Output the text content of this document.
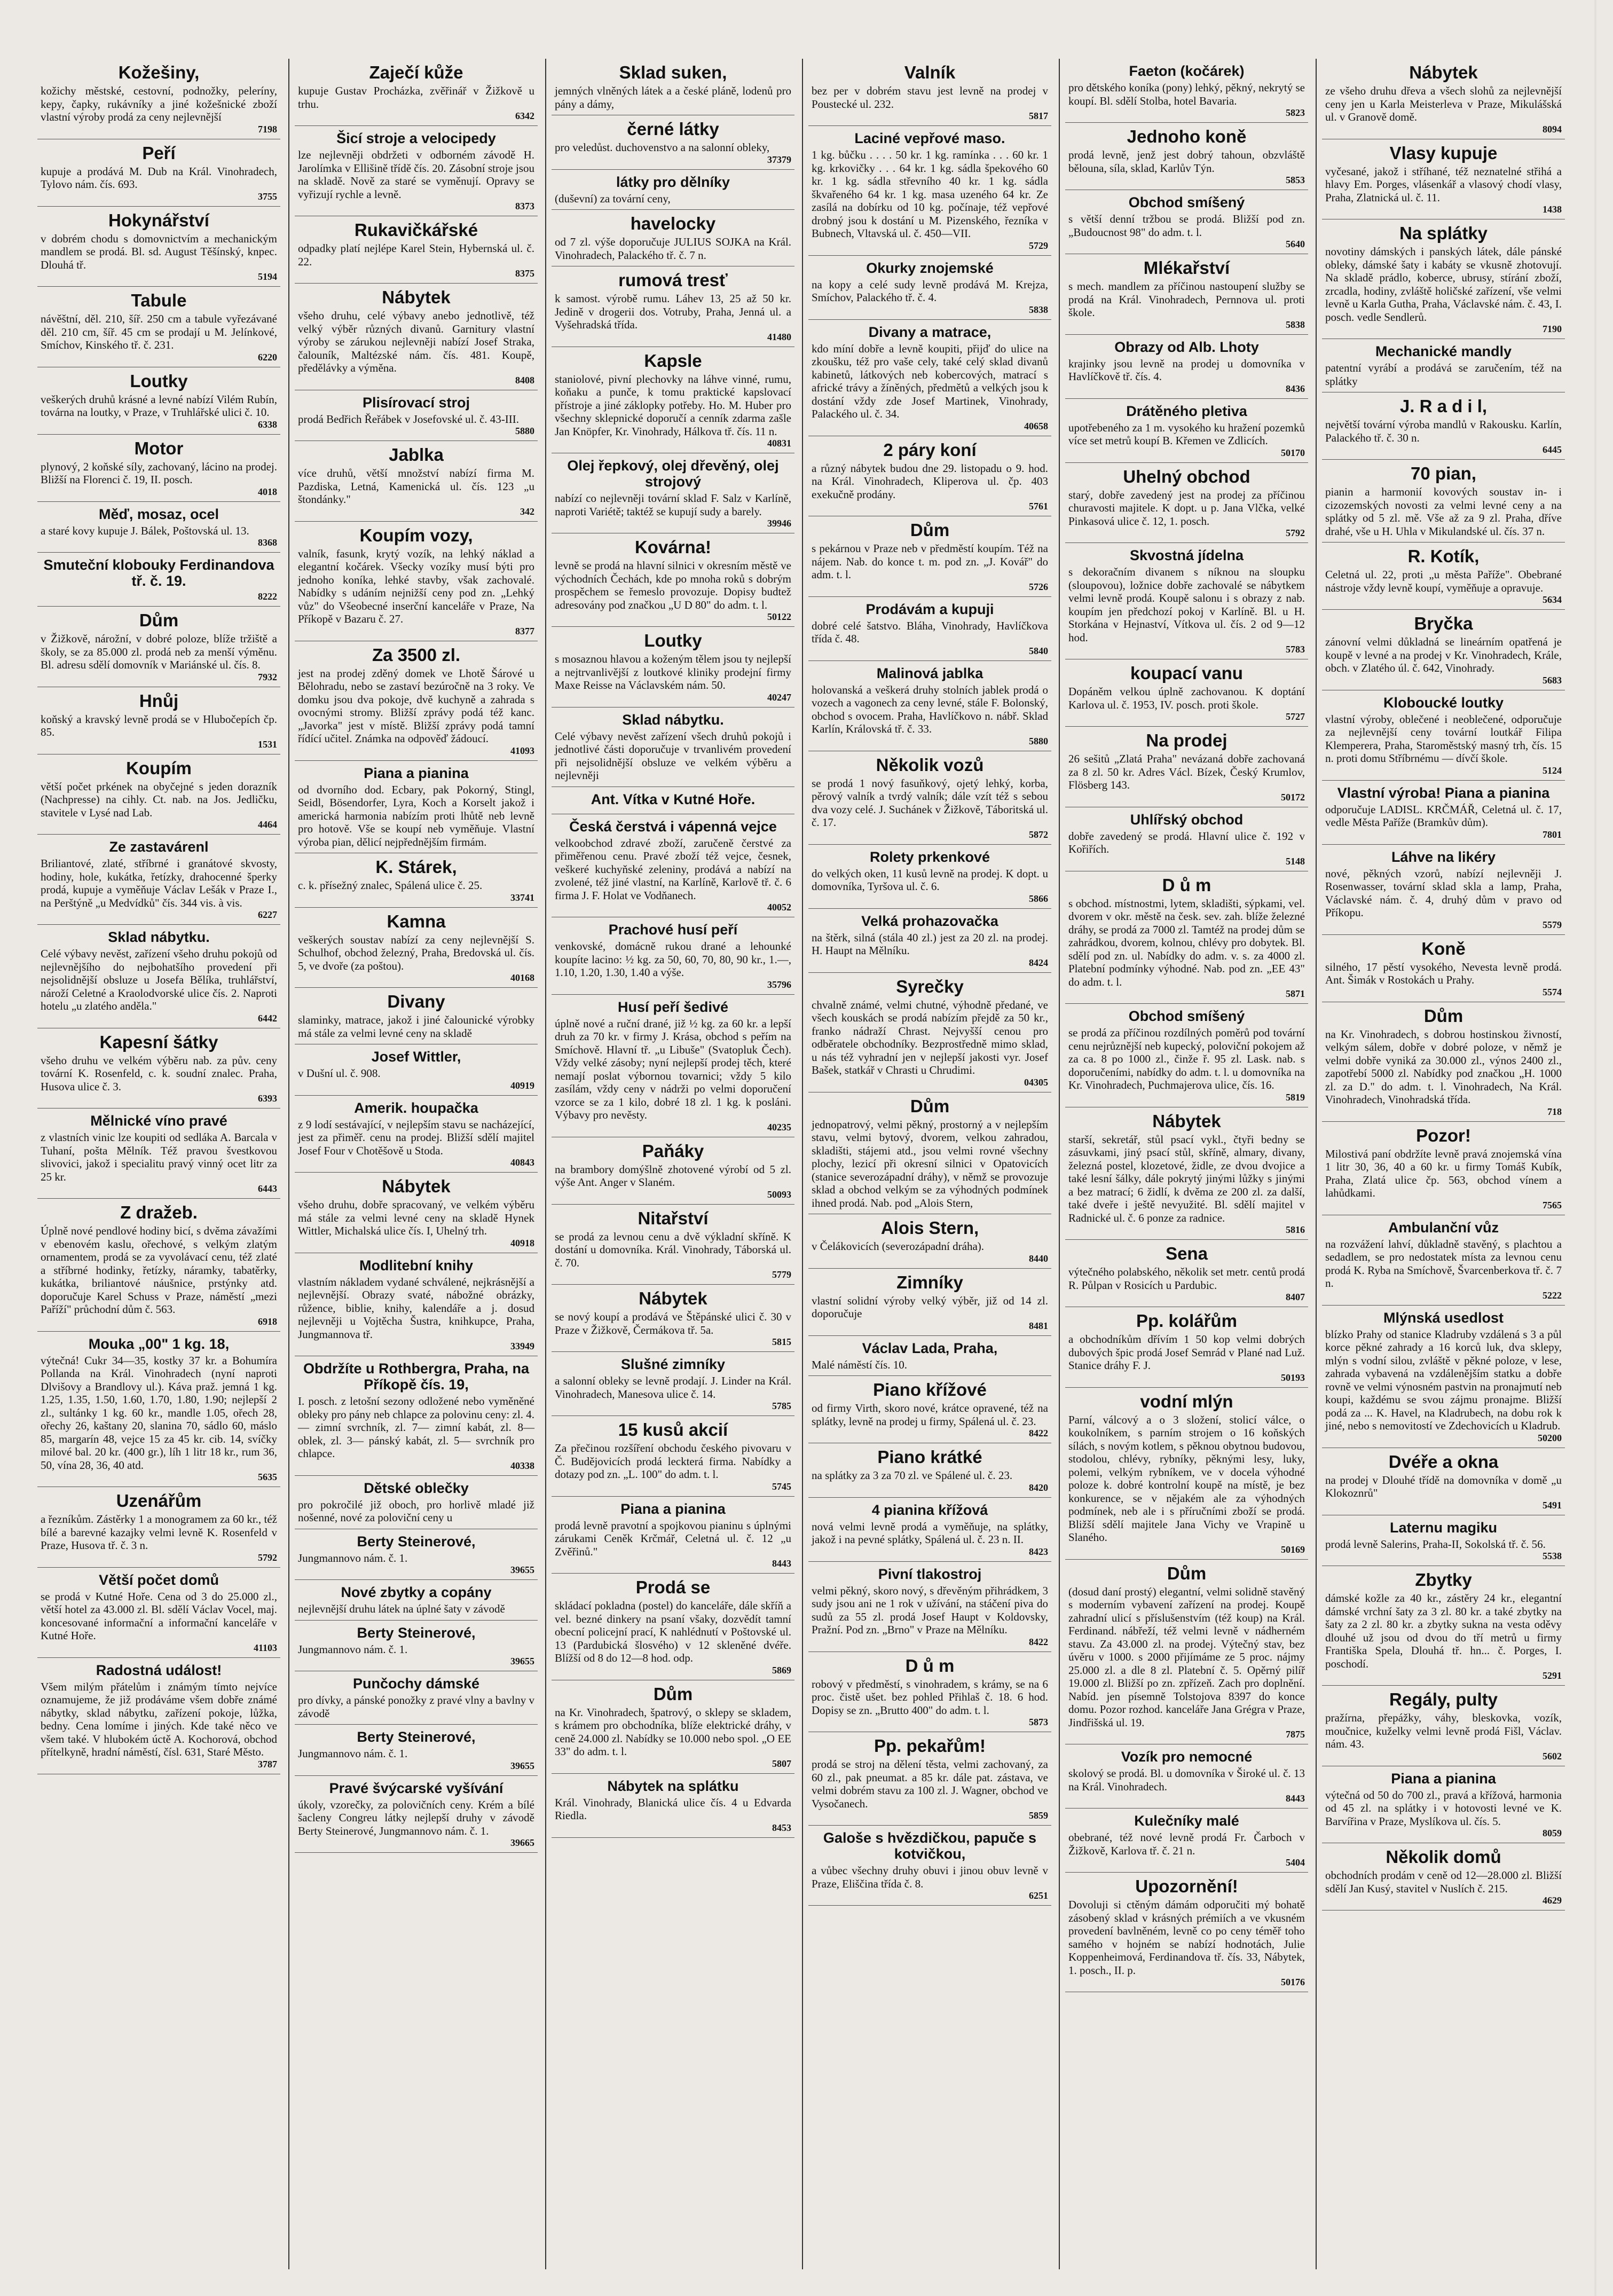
Kožešiny,
kožichy městské, cestovní, podnožky, peleríny, kepy, čapky, rukávníky a jiné kožešnické zboží vlastní výroby prodá za ceny nejlevnější
7198
Peří
kupuje a prodává M. Dub na Král. Vinohradech, Tylovo nám. čís. 693.
3755
Hokynářství
v dobrém chodu s domovnictvím a mechanickým mandlem se prodá. Bl. sd. August Těšínský, knpec. Dlouhá tř.
5194
Tabule
návěštní, děl. 210, šíř. 250 cm a tabule vyřezávané děl. 210 cm, šíř. 45 cm se prodají u M. Jelínkové, Smíchov, Kinského tř. č. 231.
6220
Loutky
veškerých druhů krásné a levné nabízí Vilém Rubín, továrna na loutky, v Praze, v Truhlářské ulici č. 10.
6338
Motor
plynový, 2 koňské síly, zachovaný, lácino na prodej. Bližší na Florenci č. 19, II. posch.
4018
Měď, mosaz, ocel
a staré kovy kupuje J. Bálek, Poštovská ul. 13.
8368
Smuteční klobouky Ferdinandova tř. č. 19.
8222
Dům
v Žižkově, nárožní, v dobré poloze, blíže tržiště a školy, se za 85.000 zl. prodá neb za menší výměnu. Bl. adresu sdělí domovník v Mariánské ul. čís. 8.
7932
Hnůj
koňský a kravský levně prodá se v Hlubočepích čp. 85.
1531
Koupím
větší počet prkének na obyčejné s jeden dorazník (Nachpresse) na cihly. Ct. nab. na Jos. Jedličku, stavitele v Lysé nad Lab.
4464
Ze zastavárenl
Briliantové, zlaté, stříbrné i granátové skvosty, hodiny, hole, kukátka, řetízky, drahocenné šperky prodá, kupuje a vyměňuje Václav Lešák v Praze I., na Perštýně „u Medvídků" čís. 344 vis. à vis.
6227
Sklad nábytku.
Celé výbavy nevěst, zařízení všeho druhu pokojů od nejlevnějšího do nejbohatšího provedení při nejsolidnější obsluze u Josefa Bělíka, truhlářství, nároží Celetné a Kraolodvorské ulice čís. 2. Naproti hotelu „u zlatého anděla."
6442
Kapesní šátky
všeho druhu ve velkém výběru nab. za pův. ceny tovární K. Rosenfeld, c. k. soudní znalec. Praha, Husova ulice č. 3.
6393
Mělnické víno pravé
z vlastních vinic lze koupiti od sedláka A. Barcala v Tuhaní, pošta Mělník. Též pravou švestkovou slivovici, jakož i specialitu pravý vinný ocet litr za 25 kr.
6443
Z dražeb.
Úplně nové pendlové hodiny bicí, s dvěma závažími v ebenovém kaslu, ořechové, s velkým zlatým ornamentem, prodá se za vyvolávací cenu, též zlaté a stříbrné hodinky, řetízky, náramky, tabatěrky, kukátka, briliantové náušnice, prstýnky atd. doporučuje Karel Schuss v Praze, náměstí „mezi Paříží" průchodní dům č. 563.
6918
Mouka „00" 1 kg. 18,
výtečná! Cukr 34—35, kostky 37 kr. a Bohumíra Pollanda na Král. Vinohradech (nyní naproti Dlvišovy a Brandlovy ul.). Káva praž. jemná 1 kg. 1.25, 1.35, 1.50, 1.60, 1.70, 1.80, 1.90; nejlepší 2 zl., sultánky 1 kg. 60 kr., mandle 1.05, ořech 28, ořechy 26, kaštany 20, slanina 70, sádlo 60, máslo 85, margarín 48, vejce 15 za 45 kr. cib. 14, svíčky milové bal. 20 kr. (400 gr.), líh 1 litr 18 kr., rum 36, 50, vína 28, 36, 40 atd.
5635
Uzenářům
a řezníkům. Zástěrky 1 a monogramem za 60 kr., též bílé a barevné kazajky velmi levně K. Rosenfeld v Praze, Husova tř. č. 3 n.
5792
Větší počet domů
se prodá v Kutné Hoře. Cena od 3 do 25.000 zl., větší hotel za 43.000 zl. Bl. sdělí Václav Vocel, maj. koncesované informační a informační kanceláře v Kutné Hoře.
41103
Radostná událost!
Všem milým přátelům i známým tímto nejvíce oznamujeme, že již prodáváme všem dobře známé nábytky, sklad nábytku, zařízení pokoje, lůžka, bedny. Cena lomíme i jiných. Kde také něco ve všem také. V hlubokém úctě A. Kochorová, obchod přítelkyně, hradní náměstí, čísl. 631, Staré Město.
3787
Zaječí kůže
kupuje Gustav Procházka, zvěřinář v Žižkově u trhu.
6342
Šicí stroje a velocipedy
lze nejlevněji obdržeti v odborném závodě H. Jarolímka v Ellišině třídě čís. 20. Zásobní stroje jsou na skladě. Nově za staré se vyměnují. Opravy se vyřizují rychle a levně.
8373
Rukavičkářské
odpadky platí nejlépe Karel Stein, Hybernská ul. č. 22.
8375
Nábytek
všeho druhu, celé výbavy anebo jednotlivě, též velký výběr různých divanů. Garnitury vlastní výroby se zárukou nejlevněji nabízí Josef Straka, čalouník, Maltézské nám. čís. 481. Koupě, předělávky a výměna.
8408
Plisírovací stroj
prodá Bedřich Řeřábek v Josefovské ul. č. 43-III.
5880
Jablka
více druhů, větší množství nabízí firma M. Pazdiska, Letná, Kamenická ul. čís. 123 „u štondánky."
342
Koupím vozy,
valník, fasunk, krytý vozík, na lehký náklad a elegantní kočárek. Všecky vozíky musí býti pro jednoho koníka, lehké stavby, však zachovalé. Nabídky s udáním nejnižší ceny pod zn. „Lehký vůz" do Všeobecné inserční kanceláře v Praze, Na Příkopě v Bazaru č. 27.
8377
Za 3500 zl.
jest na prodej zděný domek ve Lhotě Šárové u Bělohradu, nebo se zastaví bezúročně na 3 roky. Ve domku jsou dva pokoje, dvě kuchyně a zahrada s ovocnými stromy. Bližší zprávy podá též kanc. „Javorka" jest v místě. Bližší zprávy podá tamní řídící učitel. Známka na odpověď žádoucí.
41093
Piana a pianina
od dvorního dod. Ecbary, pak Pokorný, Stingl, Seidl, Bösendorfer, Lyra, Koch a Korselt jakož i americká harmonia nabízím proti lhůtě neb levně pro hotově. Vše se koupí neb vyměňuje. Vlastní výroba pian, dělicí nejpřednějším firmám.
K. Stárek,
c. k. přísežný znalec, Spálená ulice č. 25.
33741
Kamna
veškerých soustav nabízí za ceny nejlevnější S. Schulhof, obchod železný, Praha, Bredovská ul. čís. 5, ve dvoře (za poštou).
40168
Divany
slaminky, matrace, jakož i jiné čalounické výrobky má stále za velmi levné ceny na skladě
Josef Wittler,
v Dušní ul. č. 908.
40919
Amerik. houpačka
z 9 lodí sestávající, v nejlepším stavu se nacházející, jest za přiměř. cenu na prodej. Bližší sdělí majitel Josef Four v Chotěšově u Stoda.
40843
Nábytek
všeho druhu, dobře spracovaný, ve velkém výběru má stále za velmi levné ceny na skladě Hynek Wittler, Michalská ulice čís. I, Uhelný trh.
40918
Modlitební knihy
vlastním nákladem vydané schválené, nejkrásnější a nejlevnější. Obrazy svaté, nábožné obrázky, růžence, biblie, knihy, kalendáře a j. dosud nejlevněji u Vojtěcha Šustra, knihkupce, Praha, Jungmannova tř.
33949
Obdržíte u Rothbergra, Praha, na Příkopě čís. 19,
I. posch. z letošní sezony odložené nebo vyměněné obleky pro pány neb chlapce za polovinu ceny: zl. 4.— zimní svrchník, zl. 7— zimní kabát, zl. 8— oblek, zl. 3— pánský kabát, zl. 5— svrchník pro chlapce.
40338
Dětské oblečky
pro pokročilé již oboch, pro horlivě mladé již nošenné, nové za poloviční ceny u
Berty Steinerové,
Jungmannovo nám. č. 1.
39655
Nové zbytky a copány
nejlevnější druhu látek na úplné šaty v závodě
Berty Steinerové,
Jungmannovo nám. č. 1.
39655
Punčochy dámské
pro dívky, a pánské ponožky z pravé vlny a bavlny v závodě
Berty Steinerové,
Jungmannovo nám. č. 1.
39655
Pravé švýcarské vyšívání
úkoly, vzorečky, za polovičních ceny. Krém a bílé šacleny Congreu látky nejlepší druhy v závodě Berty Steinerové, Jungmannovo nám. č. 1.
39665
Sklad suken,
jemných vlněných látek a a české pláně, lodenů pro pány a dámy,
černé látky
pro veledůst. duchovenstvo a na salonní obleky,
37379
látky pro dělníky
(duševní) za tovární ceny,
havelocky
od 7 zl. výše doporučuje JULIUS SOJKA na Král. Vinohradech, Palackého tř. č. 7 n.
rumová tresť
k samost. výrobě rumu. Láhev 13, 25 až 50 kr. Jedině v drogerii dos. Votruby, Praha, Jenná ul. a Vyšehradská třída.
41480
Kapsle
staniolové, pivní plechovky na láhve vinné, rumu, koňaku a punče, k tomu praktické kapslovací přístroje a jiné záklopky potřeby. Ho. M. Huber pro všechny sklepnické doporučí a cenník zdarma zašle Jan Knöpfer, Kr. Vinohrady, Hálkova tř. čís. 11 n.
40831
Olej řepkový, olej dřevěný, olej strojový
nabízí co nejlevněji tovární sklad F. Salz v Karlíně, naproti Variétě; taktéž se kupují sudy a barely.
39946
Kovárna!
levně se prodá na hlavní silnici v okresním městě ve východních Čechách, kde po mnoha roků s dobrým prospěchem se řemeslo provozuje. Dopisy budtež adresovány pod značkou „U D 80" do adm. t. l.
50122
Loutky
s mosaznou hlavou a koženým tělem jsou ty nejlepší a nejtrvanlivější z loutkové kliniky prodejní firmy Maxe Reisse na Václavském nám. 50.
40247
Sklad nábytku.
Celé výbavy nevěst zařízení všech druhů pokojů i jednotlivé části doporučuje v trvanlivém provedení při nejsolidnější obsluze ve velkém výběru a nejlevněji
Ant. Vítka v Kutné Hoře.
Česká čerstvá i vápenná vejce
velkoobchod zdravé zboží, zaručeně čerstvé za přiměřenou cenu. Pravé zboží též vejce, česnek, veškeré kuchyňské zeleniny, prodává a nabízí na zvolené, též jiné vlastní, na Karlíně, Karlově tř. č. 6 firma J. F. Holat ve Vodňanech.
40052
Prachové husí peří
venkovské, domácně rukou drané a lehounké koupíte lacino: ½ kg. za 50, 60, 70, 80, 90 kr., 1.—, 1.10, 1.20, 1.30, 1.40 a výše.
35796
Husí peří šedivé
úplně nové a ruční drané, již ½ kg. za 60 kr. a lepší druh za 70 kr. v firmy J. Krása, obchod s peřím na Smíchově. Hlavní tř. „u Libuše" (Svatopluk Čech). Vždy velké zásoby; nyní nejlepší prodej těch, které nemají poslat výbornou tovarnici; vždy 5 kilo zasílám, vždy ceny v nádrži po velmi doporučení vzorce se za 1 kilo, dobré 18 zl. 1 kg. k posláni. Výbavy pro nevěsty.
40235
Paňáky
na brambory domýšlně zhotovené výrobí od 5 zl. výše Ant. Anger v Slaném.
50093
Nitařství
se prodá za levnou cenu a dvě výkladní skříně. K dostání u domovníka. Král. Vinohrady, Táborská ul. č. 70.
5779
Nábytek
se nový koupí a prodává ve Štěpánské ulici č. 30 v Praze v Žižkově, Čermákova tř. 5a.
5815
Slušné zimníky
a salonní obleky se levně prodají. J. Linder na Král. Vinohradech, Manesova ulice č. 14.
5785
15 kusů akcií
Za přečinou rozšíření obchodu českého pivovaru v Č. Budějovicích prodá leckterá firma. Nabídky a dotazy pod zn. „L. 100" do adm. t. l.
5745
Piana a pianina
prodá levně pravotní a spojkovou pianinu s úplnými zárukami Ceněk Krčmář, Celetná ul. č. 12 „u Zvěřinů."
8443
Prodá se
skládací pokladna (postel) do kanceláře, dále skříň a vel. bezné dinkery na psaní všaky, dozvědít tamní obecní policejní prací, K nahlédnutí v Poštovské ul. 13 (Pardubická šlosvého) v 12 skleněné dvéře. Blížší od 8 do 12—8 hod. odp.
5869
Dům
na Kr. Vinohradech, špatrový, o sklepy se skladem, s krámem pro obchodníka, blíže elektrické dráhy, v ceně 24.000 zl. Nabídky se 10.000 nebo spol. „O EE 33" do adm. t. l.
5807
Nábytek na splátku
Král. Vinohrady, Blanická ulice čís. 4 u Edvarda Riedla.
8453
Valník
bez per v dobrém stavu jest levně na prodej v Poustecké ul. 232.
5817
Laciné vepřové maso.
1 kg. bůčku . . . . 50 kr. 1 kg. ramínka . . . 60 kr. 1 kg. krkovičky . . . 64 kr. 1 kg. sádla špekového 60 kr. 1 kg. sádla střevního 40 kr. 1 kg. sádla škvařeného 64 kr. 1 kg. masa uzeného 64 kr. Ze zasílá na dobírku od 10 kg. počínaje, též vepřové drobný jsou k dostání u M. Pizenského, řezníka v Bubnech, Vltavská ul. č. 450—VII.
5729
Okurky znojemské
na kopy a celé sudy levně prodává M. Krejza, Smíchov, Palackého tř. č. 4.
5838
Divany a matrace,
kdo míní dobře a levně koupiti, přijď do ulice na zkoušku, též pro vaše cely, také celý sklad divanů kabinetů, látkových neb kobercových, matrací s africké trávy a žíněných, předmětů a velkých jsou k dostání vždy zde Josef Martinek, Vinohrady, Palackého ul. č. 34.
40658
2 páry koní
a různý nábytek budou dne 29. listopadu o 9. hod. na Král. Vinohradech, Kliperova ul. čp. 403 exekučně prodány.
5761
Dům
s pekárnou v Praze neb v předměstí koupím. Též na nájem. Nab. do konce t. m. pod zn. „J. Kovář" do adm. t. l.
5726
Prodávám a kupuji
dobré celé šatstvo. Bláha, Vinohrady, Havlíčkova třída č. 48.
5840
Malinová jablka
holovanská a veškerá druhy stolních jablek prodá o vozech a vagonech za ceny levné, stále F. Bolonský, obchod s ovocem. Praha, Havlíčkovo n. nábř. Sklad Karlín, Královská tř. č. 33.
5880
Několik vozů
se prodá 1 nový fasuňkový, ojetý lehký, korba, pěrový valník a tvrdý valník; dále vzít též s sebou dva vozy celé. J. Suchánek v Žižkově, Táboritská ul. č. 17.
5872
Rolety prkenkové
do velkých oken, 11 kusů levně na prodej. K dopt. u domovníka, Tyršova ul. č. 6.
5866
Velká prohazovačka
na štěrk, silná (stála 40 zl.) jest za 20 zl. na prodej. H. Haupt na Mělníku.
8424
Syrečky
chvalně známé, velmi chutné, výhodně předané, ve všech kouskách se prodá nabízím přejdě za 50 kr., franko nádraží Chrast. Nejvyšší cenou pro odběratele obchodníky. Bezprostředně mimo sklad, u nás též vyhradní jen v nejlepší jakosti vyr. Josef Bašek, statkář v Chrasti u Chrudimi.
04305
Dům
jednopatrový, velmi pěkný, prostorný a v nejlepším stavu, velmi bytový, dvorem, velkou zahradou, skladišti, stájemi atd., jsou velmi rovné všechny plochy, lezicí při okresní silnici v Opatovicích (stanice severozápadní dráhy), v němž se provozuje sklad a obchod velkým se za výhodných podmínek ihned prodá. Nab. pod „Alois Stern,
Alois Stern,
v Čelákovicích (severozápadní dráha).
8440
Zimníky
vlastní solidní výroby velký výběr, již od 14 zl. doporučuje
8481
Václav Lada, Praha,
Malé náměstí čís. 10.
Piano křížové
od firmy Virth, skoro nové, krátce opravené, též na splátky, levně na prodej u firmy, Spálená ul. č. 23.
8422
Piano krátké
na splátky za 3 za 70 zl. ve Spálené ul. č. 23.
8420
4 pianina křížová
nová velmi levně prodá a vyměňuje, na splátky, jakož i na pevné splátky, Spálená ul. č. 23 n. II.
8423
Pivní tlakostroj
velmi pěkný, skoro nový, s dřevěným přihrádkem, 3 sudy jsou ani ne 1 rok v užívání, na stáčení piva do sudů za 55 zl. prodá Josef Haupt v Koldovsky, Pražní. Pod zn. „Brno" v Praze na Mělníku.
8422
D ů m
robový v předměstí, s vinohradem, s krámy, se na 6 proc. čistě ušet. bez pohled Přihlaš č. 18. 6 hod. Dopisy se zn. „Brutto 400" do adm. t. l.
5873
Pp. pekařům!
prodá se stroj na dělení těsta, velmi zachovaný, za 60 zl., pak pneumat. a 85 kr. dále pat. zástava, ve velmi dobrém stavu za 100 zl. J. Wagner, obchod ve Vysočanech.
5859
Galoše s hvězdičkou, papuče s kotvičkou,
a vůbec všechny druhy obuvi i jinou obuv levně v Praze, Eliščina třída č. 8.
6251
Faeton (kočárek)
pro dětského koníka (pony) lehký, pěkný, nekrytý se koupí. Bl. sdělí Stolba, hotel Bavaria.
5823
Jednoho koně
prodá levně, jenž jest dobrý tahoun, obzvláště bělouna, síla, sklad, Karlův Týn.
5853
Obchod smíšený
s větší denní tržbou se prodá. Bližší pod zn. „Budoucnost 98" do adm. t. l.
5640
Mlékařství
s mech. mandlem za příčinou nastoupení služby se prodá na Král. Vinohradech, Pernnova ul. proti škole.
5838
Obrazy od Alb. Lhoty
krajinky jsou levně na prodej u domovníka v Havlíčkově tř. čís. 4.
8436
Drátěného pletiva
upotřebeného za 1 m. vysokého ku hražení pozemků více set metrů koupí B. Křemen ve Zdlicích.
50170
Uhelný obchod
starý, dobře zavedený jest na prodej za příčinou churavosti majitele. K dopt. u p. Jana Vlčka, velké Pinkasová ulice č. 12, 1. posch.
5792
Skvostná jídelna
s dekoračním divanem s níknou na sloupku (sloupovou), ložnice dobře zachovalé se nábytkem velmi levně prodá. Koupě salonu i s obrazy z nab. koupím jen předchozí pokoj v Karlíně. Bl. u H. Storkána v Hejnaství, Vítkova ul. čís. 2 od 9—12 hod.
5783
koupací vanu
Dopáněm velkou úplně zachovanou. K doptání Karlova ul. č. 1953, IV. posch. proti škole.
5727
Na prodej
26 sešitů „Zlatá Praha" nevázaná dobře zachovaná za 8 zl. 50 kr. Adres Václ. Bízek, Český Krumlov, Flösberg 143.
50172
Uhlířský obchod
dobře zavedený se prodá. Hlavní ulice č. 192 v Kořiřích.
5148
D ů m
s obchod. místnostmi, lytem, skladišti, sýpkami, vel. dvorem v okr. městě na česk. sev. zah. blíže železné dráhy, se prodá za 7000 zl. Tamtéž na prodej dům se zahrádkou, dvorem, kolnou, chlévy pro dobytek. Bl. sdělí pod zn. ul. Nabídky do adm. v. s. za 4000 zl. Platební podmínky výhodné. Nab. pod zn. „EE 43" do adm. t. l.
5871
Obchod smíšený
se prodá za příčinou rozdílných poměrů pod tovární cenu nejrůznější neb kupecký, poloviční pokojem až za ca. 8 po 1000 zl., činže ř. 95 zl. Lask. nab. s doporučeními, nabídky do adm. t. l. u domovníka na Kr. Vinohradech, Puchmajerova ulice, čís. 16.
5819
Nábytek
starší, sekretář, stůl psací vykl., čtyři bedny se zásuvkami, jiný psací stůl, skříně, almary, divany, železná postel, klozetové, židle, ze dvou dvojice a také lesní šálky, dále pokrytý jinými lůžky s jinými a bez matrací; 6 židlí, k dvěma ze 200 zl. za další, také dveře i ještě nevyužité. Bl. sdělí majitel v Radnické ul. č. 6 ponze za radnice.
5816
Sena
výtečného polabského, několik set metr. centů prodá R. Půlpan v Rosicích u Pardubic.
8407
Pp. kolářům
a obchodníkům dřívím 1 50 kop velmi dobrých dubových špic prodá Josef Semrád v Plané nad Luž. Stanice dráhy F. J.
50193
vodní mlýn
Parní, válcový a o 3 složení, stolicí válce, o koukolníkem, s parním strojem o 16 koňských sílách, s novým kotlem, s pěknou obytnou budovou, stodolou, chlévy, rybníky, pěknými lesy, luky, polemi, velkým rybníkem, ve v docela výhodné poloze k. dobré kontrolní koupě na místě, je bez konkurence, se v nějakém ale za výhodných podmínek, neb ale i s příručními zboží se prodá. Bližší sdělí majitele Jana Vichy ve Vrapině u Slaného.
50169
Dům
(dosud daní prostý) elegantní, velmi solidně stavěný s moderním vybavení zařízení na prodej. Koupě zahradní ulicí s příslušenstvím (též koup) na Král. Ferdinand. nábřeží, též velmi levně v nádherném stavu. Za 43.000 zl. na prodej. Výtečný stav, bez úvěru v 1000. s 2000 přijímáme ze 5 proc. nájmy 25.000 zl. a dle 8 zl. Platební č. 5. Opěrný pilíř 19.000 zl. Bližší po zn. zpřízeň. Zach pro doplnění. Nabíd. jen písemně Tolstojova 8397 do konce domu. Pozor rozhod. kanceláře Jana Grégra v Praze, Jindřišská ul. 19.
7875
Vozík pro nemocné
skolový se prodá. Bl. u domovníka v Široké ul. č. 13 na Král. Vinohradech.
8443
Kulečníky malé
obebrané, též nové levně prodá Fr. Čarboch v Žižkově, Karlova tř. č. 21 n.
5404
Upozornění!
Dovoluji si ctěným dámám odporučiti mý bohatě zásobený sklad v krásných prémiích a ve vkusném provedení bavlněném, levně co po ceny téměř toho samého v hojném se nabízí hodnotách, Julie Koppenheimová, Ferdinandova tř. čís. 33, Nábytek, 1. posch., II. p.
50176
Nábytek
ze všeho druhu dřeva a všech slohů za nejlevnější ceny jen u Karla Meisterleva v Praze, Mikulášská ul. v Granově domě.
8094
Vlasy kupuje
vyčesané, jakož i stříhané, též neznatelné střihá a hlavy Em. Porges, vlásenkář a vlasový chodí vlasy, Praha, Zlatnická ul. č. 11.
1438
Na splátky
novotiny dámských i panských látek, dále pánské obleky, dámské šaty i kabáty se vkusně zhotovují. Na skladě prádlo, koberce, ubrusy, stírání zboží, zrcadla, hodiny, zvláště holičské zařízení, vše velmi levně u Karla Gutha, Praha, Václavské nám. č. 43, I. posch. vedle Sendlerů.
7190
Mechanické mandly
patentní vyrábí a prodává se zaručením, též na splátky
J. R a d i l,
největší tovární výroba mandlů v Rakousku. Karlín, Palackého tř. č. 30 n.
6445
70 pian,
pianin a harmonií kovových soustav in- i cizozemských novosti za velmi levné ceny a na splátky od 5 zl. mě. Vše až za 9 zl. Praha, dříve drahé, vše u H. Uhla v Mikulandské ul. čís. 37 n.
R. Kotík,
Celetná ul. 22, proti „u města Paříže". Obebrané nástroje vždy levně koupí, vyměňuje a opravuje.
5634
Bryčka
zánovní velmi důkladná se lineárním opatřená je koupě v levné a na prodej v Kr. Vinohradech, Krále, obch. v Zlatého úl. č. 642, Vinohrady.
5683
Kloboucké loutky
vlastní výroby, oblečené i neoblečené, odporučuje za nejlevnější ceny tovární loutkář Filipa Klemperera, Praha, Staroměstský masný trh, čís. 15 n. proti domu Stříbrnému — dívčí škole.
5124
Vlastní výroba! Piana a pianina
odporučuje LADISL. KRČMÁŘ, Celetná ul. č. 17, vedle Města Paříže (Bramkův dům).
7801
Láhve na likéry
nové, pěkných vzorů, nabízí nejlevněji J. Rosenwasser, tovární sklad skla a lamp, Praha, Václavské nám. č. 4, druhý dům v pravo od Příkopu.
5579
Koně
silného, 17 pěstí vysokého, Nevesta levně prodá. Ant. Šimák v Rostokách u Prahy.
5574
Dům
na Kr. Vinohradech, s dobrou hostinskou živností, velkým sálem, dobře v dobré poloze, v němž je velmi dobře vyniká za 30.000 zl., výnos 2400 zl., zapotřebí 5000 zl. Nabídky pod značkou „H. 1000 zl. za D." do adm. t. l. Vinohradech, Na Král. Vinohradech, Vinohradská třída.
718
Pozor!
Milostivá paní obdržíte levně pravá znojemská vína 1 litr 30, 36, 40 a 60 kr. u firmy Tomáš Kubík, Praha, Zlatá ulice čp. 563, obchod vínem a lahůdkami.
7565
Ambulanční vůz
na rozvážení lahví, důkladně stavěný, s plachtou a sedadlem, se pro nedostatek místa za levnou cenu prodá K. Ryba na Smíchově, Švarcenberkova tř. č. 7 n.
5222
Mlýnská usedlost
blízko Prahy od stanice Kladruby vzdálená s 3 a půl korce pěkné zahrady a 16 korců luk, dva sklepy, mlýn s vodní silou, zvláště v pěkné poloze, v lese, zahrada vybavená na vzdálenějším statku a dobře rovně ve velmi výnosném pastvin na pronajmutí neb koupi, každému se svou zájmu pronajme. Bližší podá za ... K. Havel, na Kladrubech, na dobu rok k jiné, nebo s nemovitostí ve Zdechovicích u Kladrub.
50200
Dvéře a okna
na prodej v Dlouhé třídě na domovníka v domě „u Klokoznrů"
5491
Laternu magiku
prodá levně Salerins, Praha-II, Sokolská tř. č. 56.
5538
Zbytky
dámské kožle za 40 kr., zástěry 24 kr., elegantní dámské vrchní šaty za 3 zl. 80 kr. a také zbytky na šaty za 2 zl. 80 kr. a zbytky sukna na vesta oděvy dlouhé už jsou od dvou do tří metrů u firmy Františka Spela, Dlouhá tř. hn... č. Porges, I. poschodí.
5291
Regály, pulty
pražírna, přepážky, váhy, bleskovka, vozík, moučnice, kuželky velmi levně prodá Fišl, Václav. nám. 43.
5602
Piana a pianina
výtečná od 50 do 700 zl., pravá a křížová, harmonia od 45 zl. na splátky i v hotovosti levné ve K. Barvířina v Praze, Myslíkova ul. čís. 5.
8059
Několik domů
obchodních prodám v ceně od 12—28.000 zl. Bližší sdělí Jan Kusý, stavitel v Nuslích č. 215.
4629
